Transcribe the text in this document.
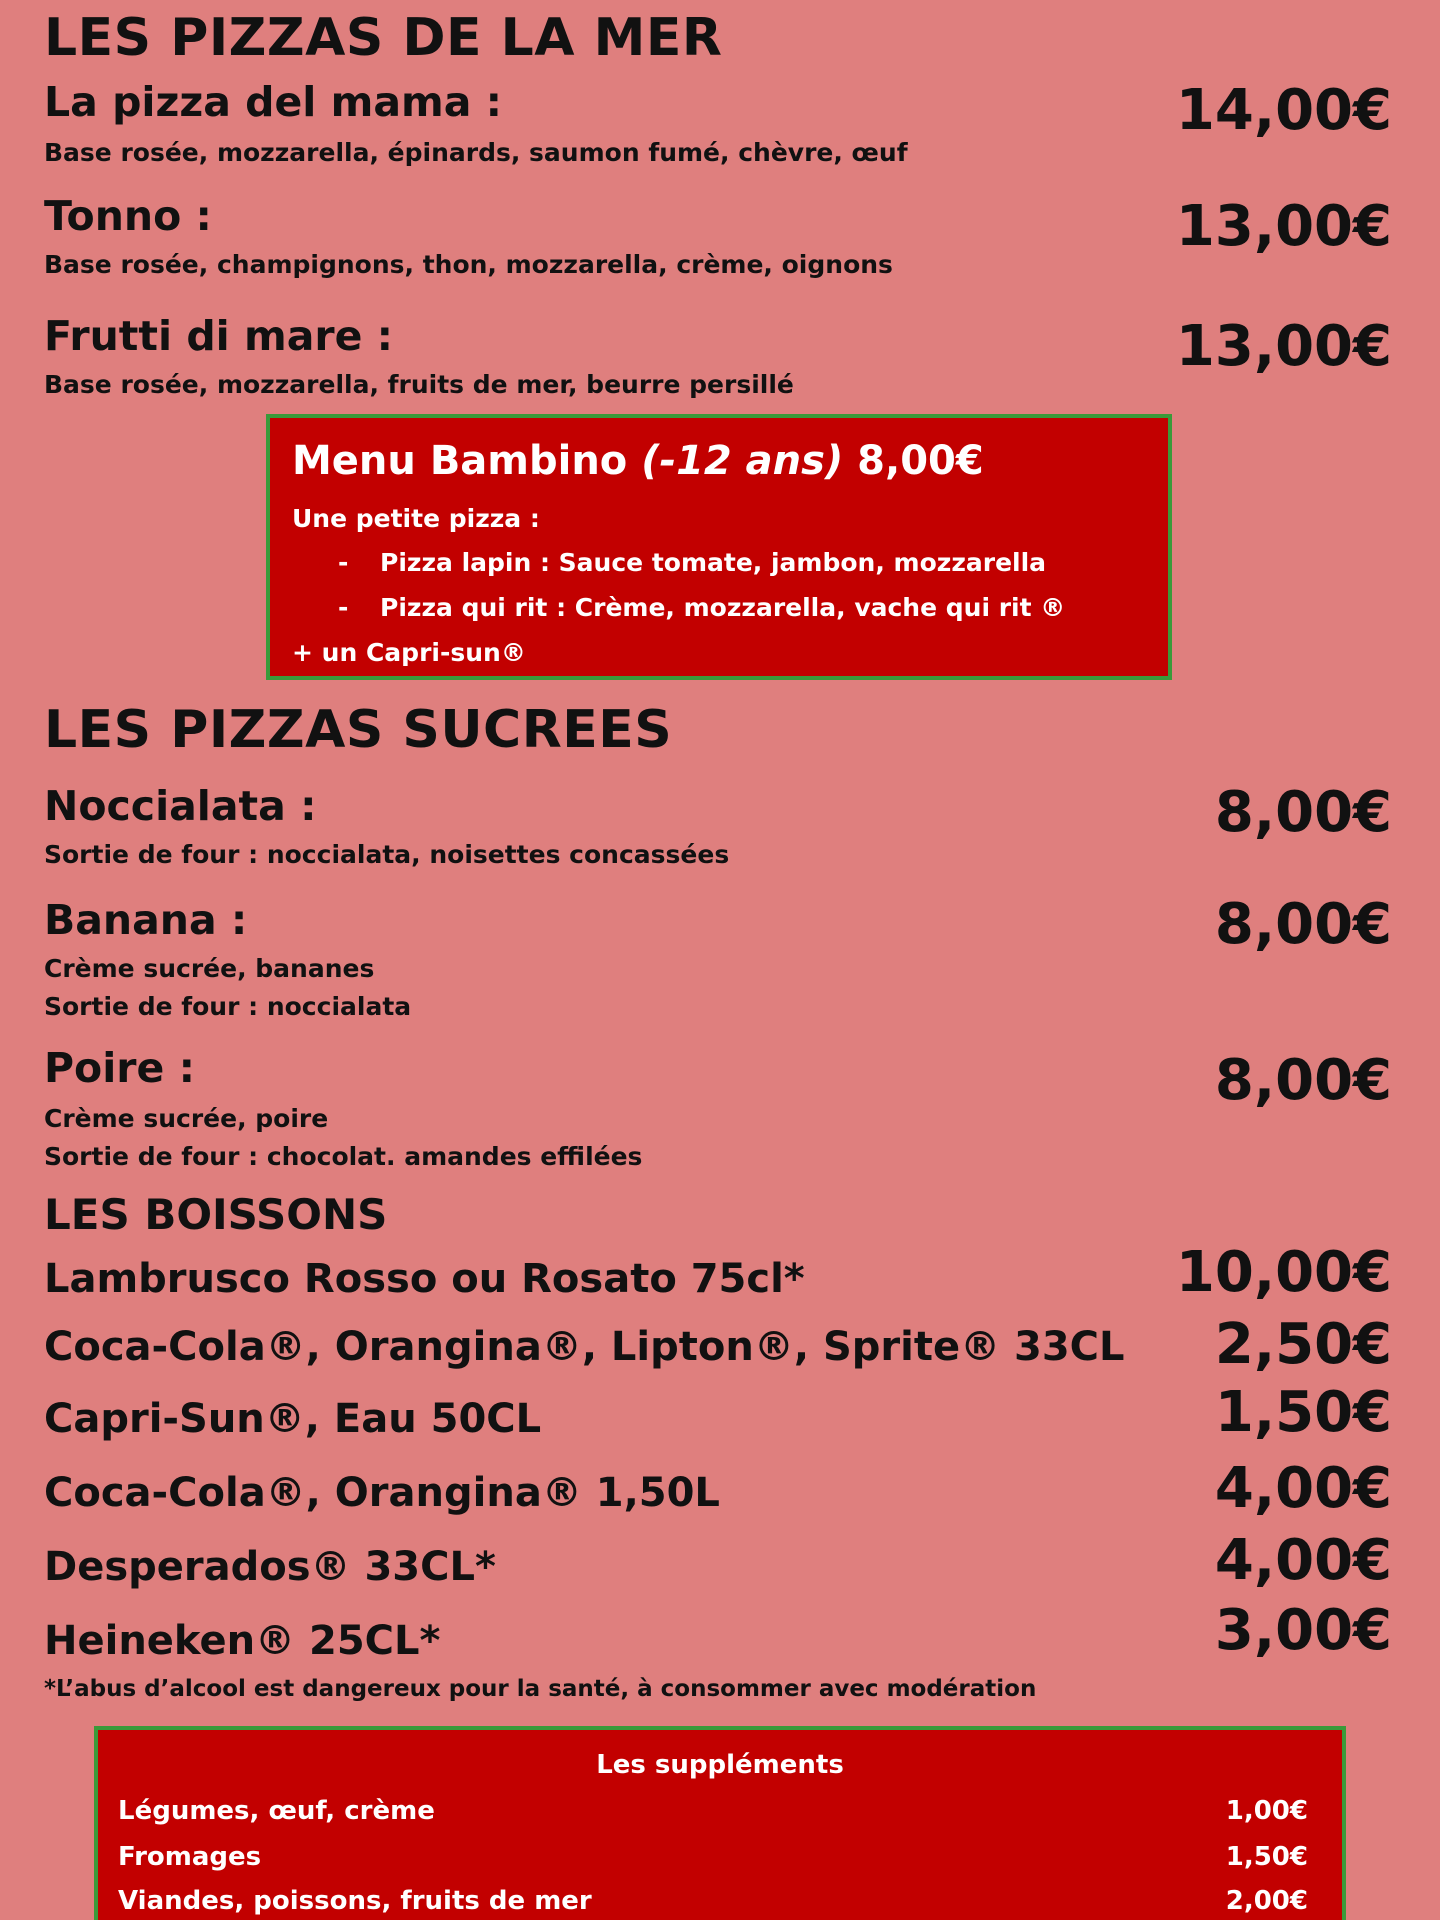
LES PIZZAS DE LA MER
La pizza del mama :
Base rosée, mozzarella, épinards, saumon fumé, chèvre, œuf
14,00€
Tonno :
Base rosée, champignons, thon, mozzarella, crème, oignons
13,00€
Frutti di mare :
Base rosée, mozzarella, fruits de mer, beurre persillé
13,00€
Menu Bambino (-12 ans) 8,00€
Une petite pizza :
- Pizza lapin : Sauce tomate, jambon, mozzarella
- Pizza qui rit : Crème, mozzarella, vache qui rit ®
+ un Capri-sun®
LES PIZZAS SUCREES
Noccialata :
Sortie de four : noccialata, noisettes concassées
8,00€
Banana :
Crème sucrée, bananes
Sortie de four : noccialata
8,00€
Poire :
Crème sucrée, poire
Sortie de four : chocolat. amandes effilées
8,00€
LES BOISSONS
Lambrusco Rosso ou Rosato 75cl*	10,00€
Coca-Cola®, Orangina®, Lipton®, Sprite® 33CL 2,50€
Capri-Sun®, Eau 50CL	1,50€
Coca-Cola®, Orangina® 1,50L	4,00€
Desperados® 33CL*	4,00€
Heineken® 25CL*	3,00€
*L’abus d’alcool est dangereux pour la santé, à consommer avec modération
Les suppléments
Légumes, œuf, crème	1,00€
Fromages	1,50€
Viandes, poissons, fruits de mer	2,00€
